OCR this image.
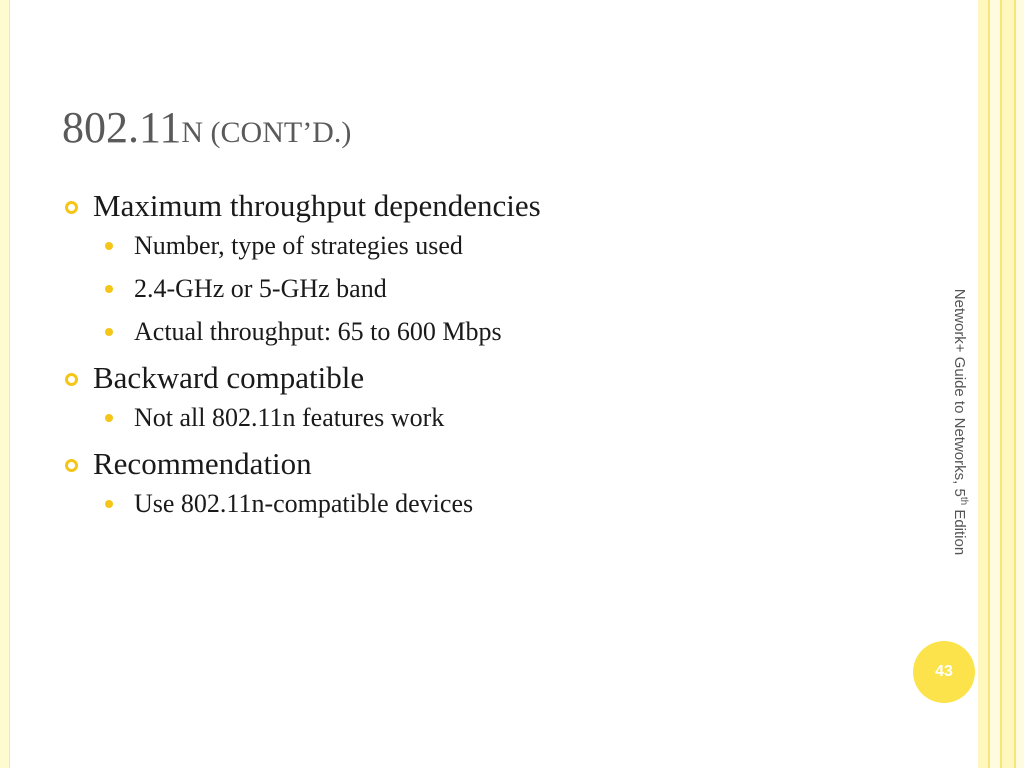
802.11N (CONT’D.)
Maximum throughput dependencies
Number, type of strategies used
2.4-GHz or 5-GHz band
Actual throughput: 65 to 600 Mbps
Backward compatible
Not all 802.11n features work
Recommendation
Use 802.11n-compatible devices
Network+ Guide to Networks, 5th Edition
43
